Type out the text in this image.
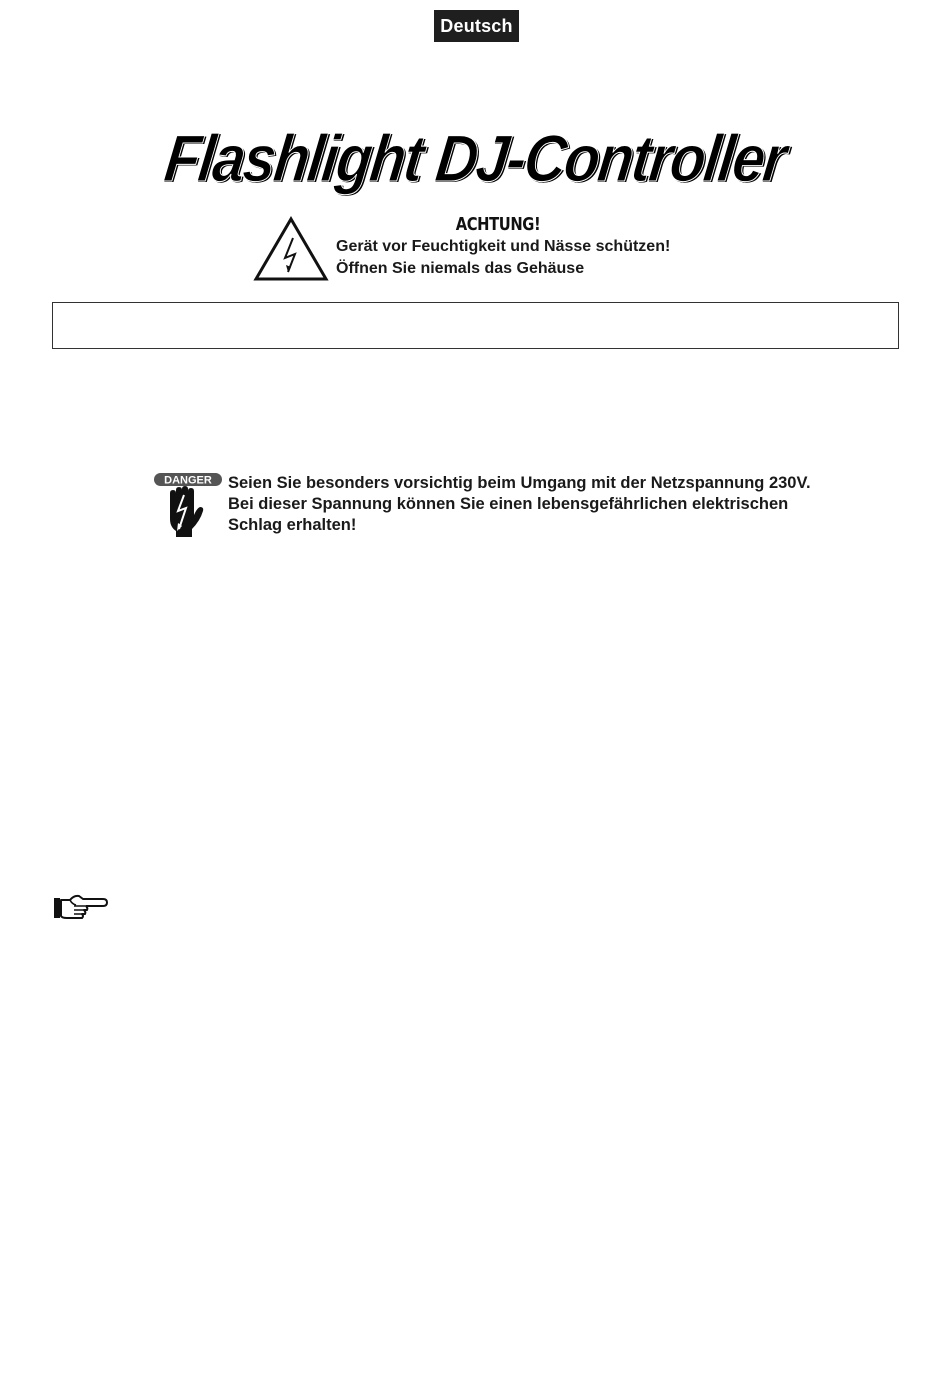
Deutsch
Flashlight DJ-Controller
ACHTUNG!
Gerät vor Feuchtigkeit und Nässe schützen!
Öffnen Sie niemals das Gehäuse
DANGER Seien Sie besonders vorsichtig beim Umgang mit der Netzspannung 230V.
Bei dieser Spannung können Sie einen lebensgefährlichen elektrischen
Schlag erhalten!
